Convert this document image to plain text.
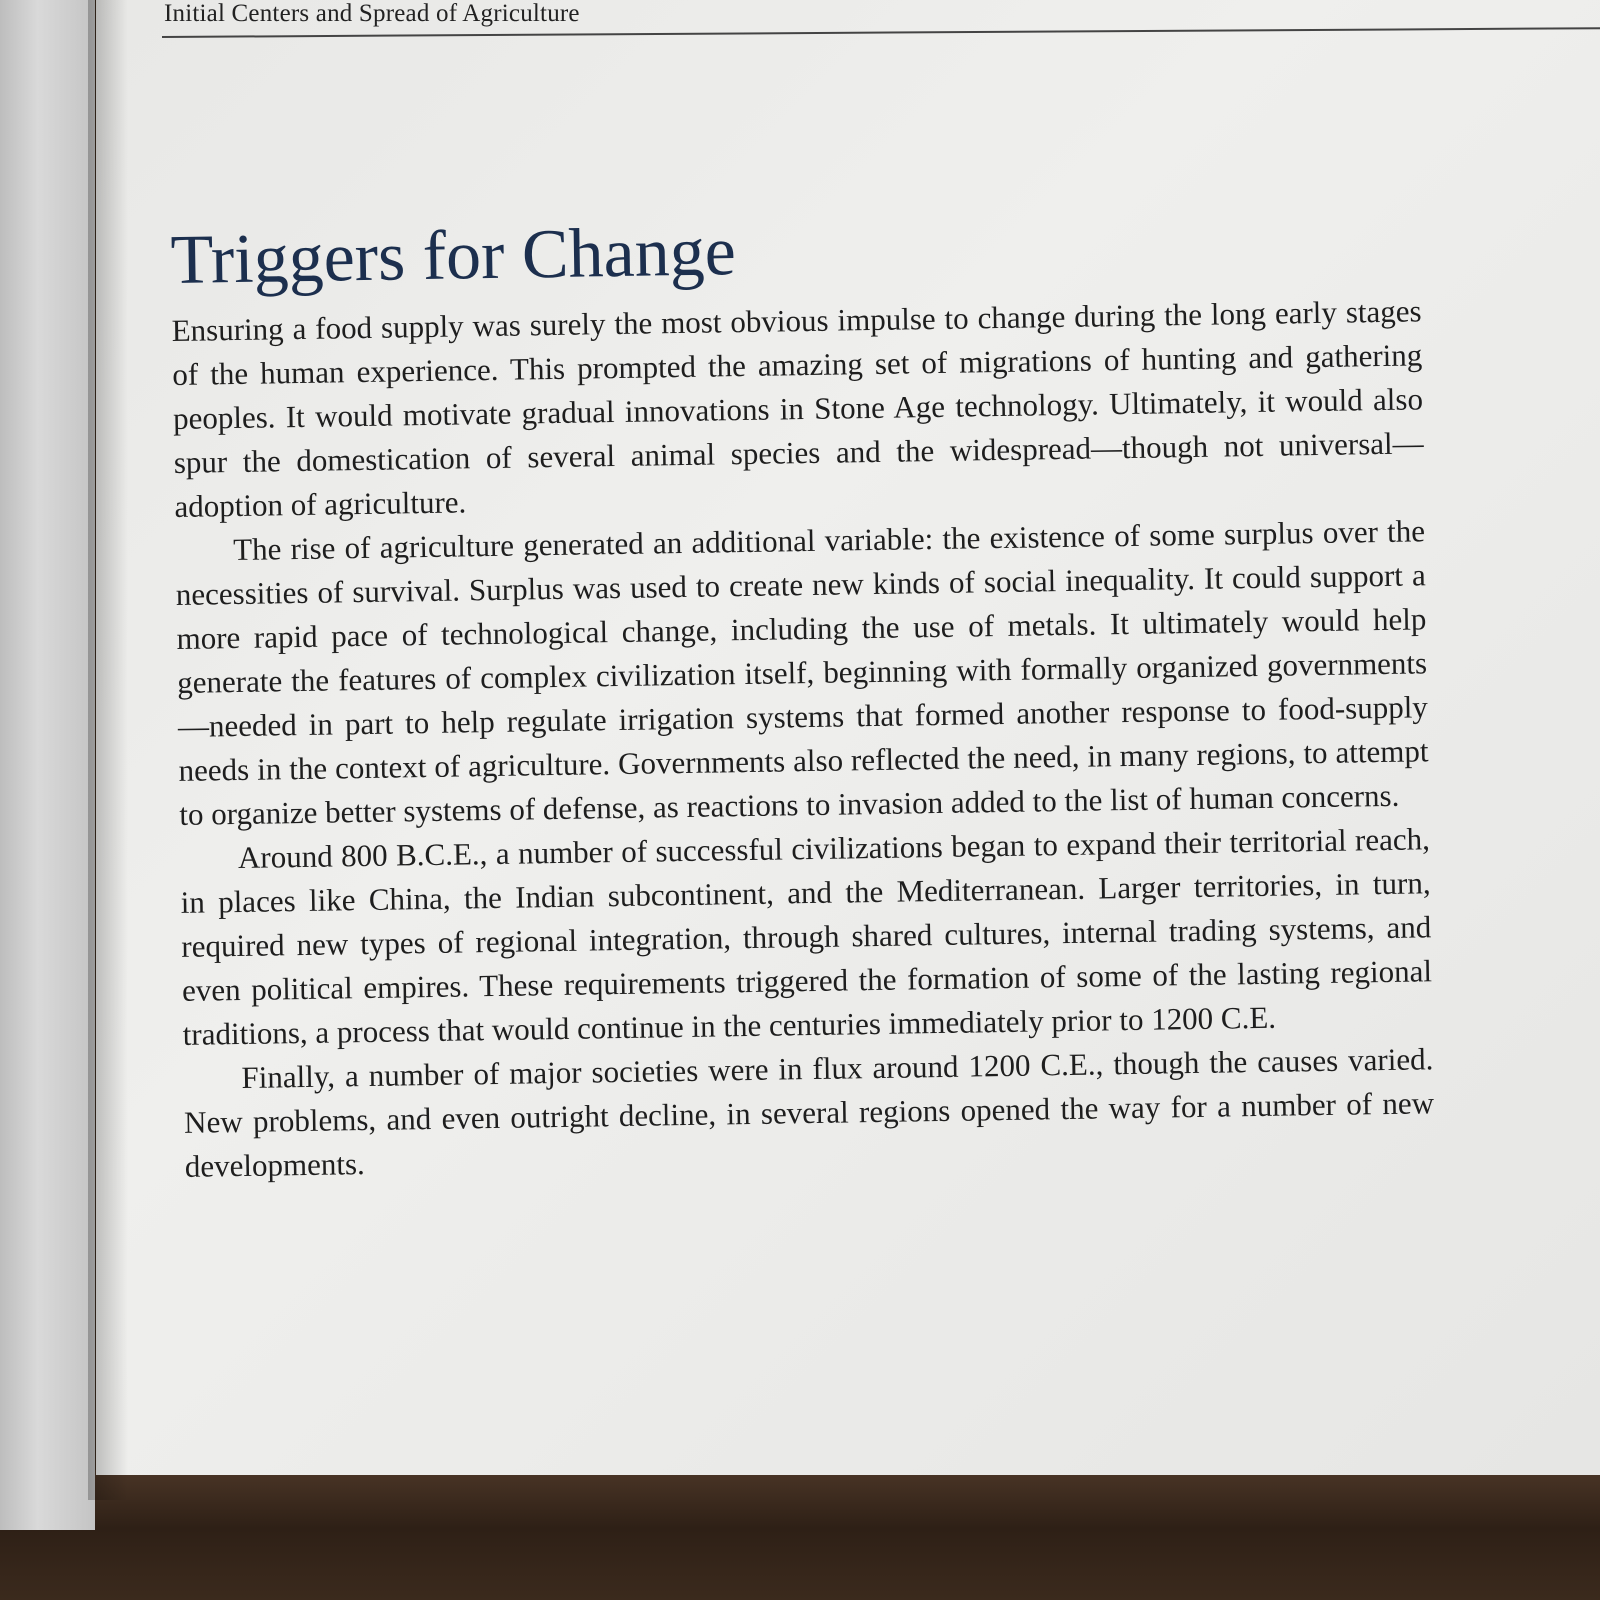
Initial Centers and Spread of Agriculture
Triggers for Change

Ensuring a food supply was surely the most obvious impulse to change during the long early stages of the human experience. This prompted the amazing set of migrations of hunting and gathering peoples. It would motivate gradual innovations in Stone Age technology. Ultimately, it would also spur the domestication of several animal species and the widespread—though not universal—adoption of agriculture.

The rise of agriculture generated an additional variable: the existence of some surplus over the necessities of survival. Surplus was used to create new kinds of social inequality. It could support a more rapid pace of technological change, including the use of metals. It ultimately would help generate the features of complex civilization itself, beginning with formally organized governments—needed in part to help regulate irrigation systems that formed another response to food-supply needs in the context of agriculture. Governments also reflected the need, in many regions, to attempt to organize better systems of defense, as reactions to invasion added to the list of human concerns.

Around 800 B.C.E., a number of successful civilizations began to expand their territorial reach, in places like China, the Indian subcontinent, and the Mediterranean. Larger territories, in turn, required new types of regional integration, through shared cultures, internal trading systems, and even political empires. These requirements triggered the formation of some of the lasting regional traditions, a process that would continue in the centuries immediately prior to 1200 C.E.

Finally, a number of major societies were in flux around 1200 C.E., though the causes varied. New problems, and even outright decline, in several regions opened the way for a number of new developments.
